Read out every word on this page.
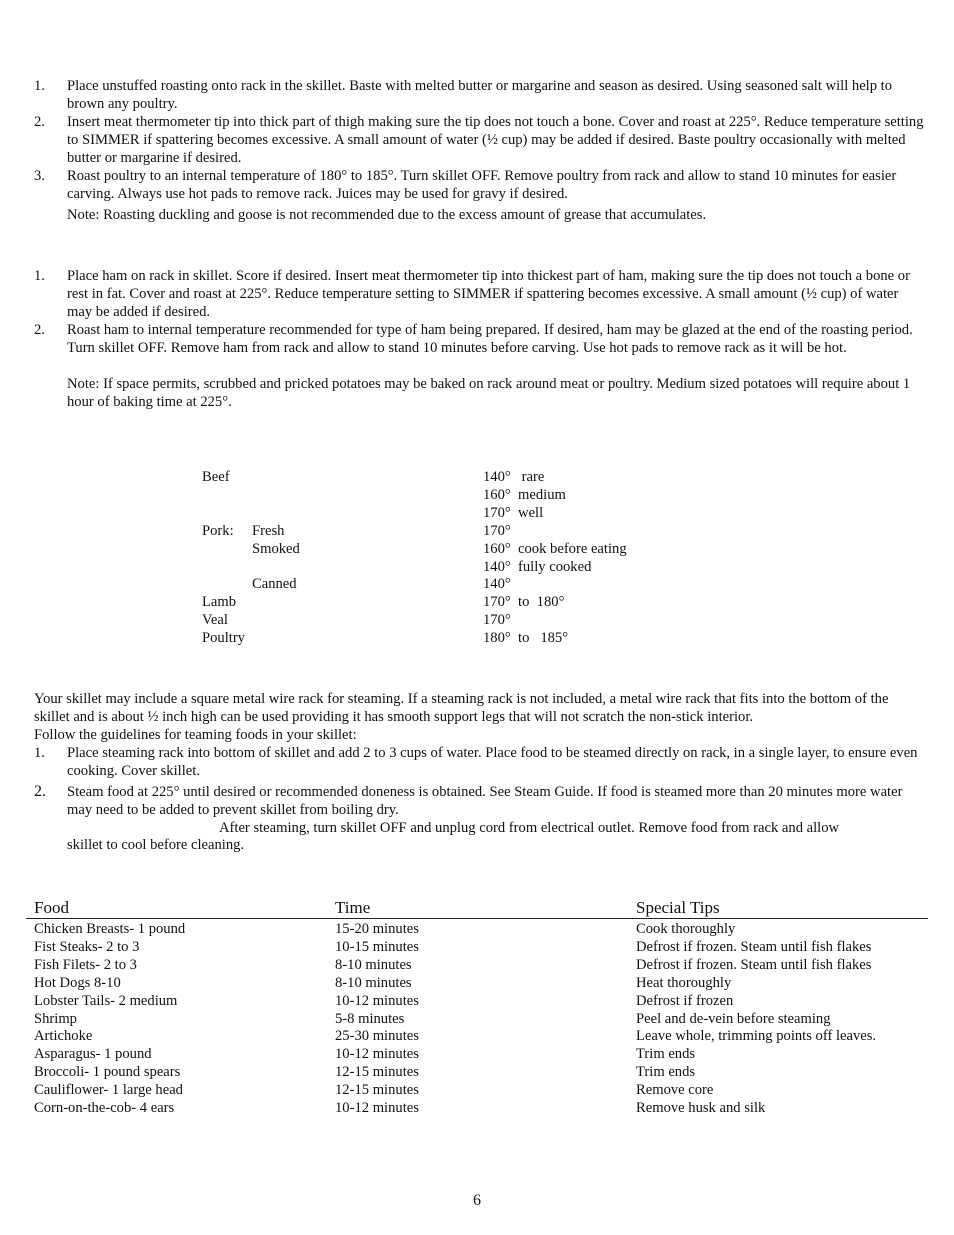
1. Place unstuffed roasting onto rack in the skillet. Baste with melted butter or margarine and season as desired. Using seasoned salt will help to brown any poultry.
2. Insert meat thermometer tip into thick part of thigh making sure the tip does not touch a bone. Cover and roast at 225°. Reduce temperature setting to SIMMER if spattering becomes excessive. A small amount of water (½ cup) may be added if desired. Baste poultry occasionally with melted butter or margarine if desired.
3. Roast poultry to an internal temperature of 180° to 185°. Turn skillet OFF. Remove poultry from rack and allow to stand 10 minutes for easier carving. Always use hot pads to remove rack. Juices may be used for gravy if desired.
Note: Roasting duckling and goose is not recommended due to the excess amount of grease that accumulates.
1. Place ham on rack in skillet. Score if desired. Insert meat thermometer tip into thickest part of ham, making sure the tip does not touch a bone or rest in fat. Cover and roast at 225°. Reduce temperature setting to SIMMER if spattering becomes excessive. A small amount (½ cup) of water may be added if desired.
2. Roast ham to internal temperature recommended for type of ham being prepared. If desired, ham may be glazed at the end of the roasting period. Turn skillet OFF. Remove ham from rack and allow to stand 10 minutes before carving. Use hot pads to remove rack as it will be hot.
Note: If space permits, scrubbed and pricked potatoes may be baked on rack around meat or poultry. Medium sized potatoes will require about 1 hour of baking time at 225°.
Beef	140°   rare
160°  medium
170°  well
Pork: Fresh	170°
Smoked	160°  cook before eating
140°  fully cooked
Canned	140°
Lamb	170°  to  180°
Veal	170°
Poultry	180°  to   185°
Your skillet may include a square metal wire rack for steaming. If a steaming rack is not included, a metal wire rack that fits into the bottom of the skillet and is about ½ inch high can be used providing it has smooth support legs that will not scratch the non-stick interior.
Follow the guidelines for teaming foods in your skillet:
1. Place steaming rack into bottom of skillet and add 2 to 3 cups of water. Place food to be steamed directly on rack, in a single layer, to ensure even cooking. Cover skillet.
2. Steam food at 225° until desired or recommended doneness is obtained. See Steam Guide. If food is steamed more than 20 minutes more water may need to be added to prevent skillet from boiling dry.
After steaming, turn skillet OFF and unplug cord from electrical outlet. Remove food from rack and allow
skillet to cool before cleaning.
Food	Time	Special Tips
Chicken Breasts- 1 pound	15-20 minutes	Cook thoroughly
Fist Steaks- 2 to 3	10-15 minutes	Defrost if frozen. Steam until fish flakes
Fish Filets- 2 to 3	8-10 minutes	Defrost if frozen. Steam until fish flakes
Hot Dogs 8-10	8-10 minutes	Heat thoroughly
Lobster Tails- 2 medium	10-12 minutes	Defrost if frozen
Shrimp	5-8 minutes	Peel and de-vein before steaming
Artichoke	25-30 minutes	Leave whole, trimming points off leaves.
Asparagus- 1 pound	10-12 minutes	Trim ends
Broccoli- 1 pound spears	12-15 minutes	Trim ends
Cauliflower- 1 large head	12-15 minutes	Remove core
Corn-on-the-cob- 4 ears	10-12 minutes	Remove husk and silk
6
